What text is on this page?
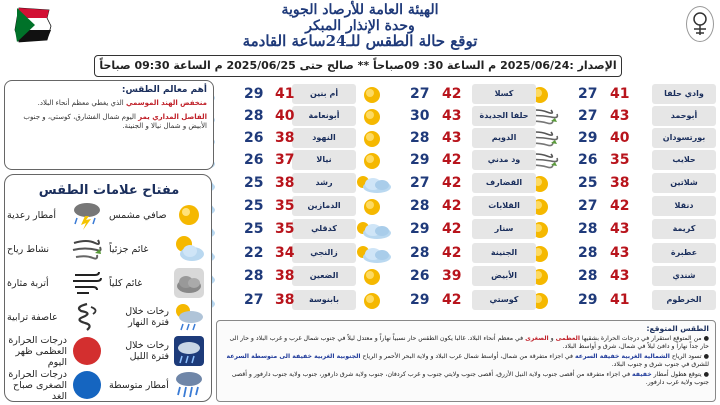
الهيئة العامة للأرصاد الجوية
وحدة الإنذار المبكر
توقع حالة الطقس للـ24ساعة القادمة
الإصدار :2025/06/24 م الساعة 30: 09صباحاً ** صالح حتى 2025/06/25 م الساعة 09:30 صباحاً
وادي حلفا
41
27
أبوحمد
43
27
بورتسودان
40
29
حلايب
35
26
شلاتين
38
25
دنقلا
42
27
كريمة
43
28
عطبرة
43
28
شندي
43
28
الخرطوم
41
29
كسلا
42
27
حلفا الجديدة
43
30
الدويم
43
28
ود مدني
42
29
القضارف
42
27
القلابات
42
28
سنار
42
29
الجنينة
42
28
الأبيض
39
26
كوستي
42
29
أم بنين
41
29
أبونعامة
40
28
النهود
38
26
نيالا
37
26
رشد
38
25
الدمازين
35
25
كدقلي
35
25
زالنجي
34
22
الضعين
38
28
بابنوسة
38
27
أهم معالم الطقس:
منخفض الهند الموسمي الذي يغطي معظم أنحاء البلاد.
الفاصل المداري يمر اليوم شمال الفشارق، كوستي، و جنوب الأبيض و شمال نيالا و الجنينة.
مفتاح علامات الطقس
صافي مشمس
أمطار رعدية
غائم جزئياً
نشاط رياح
غائم كلياً
أتربة مثارة
رخات خلال فترة النهار
عاصفة ترابية
رخات خلال فترة الليل
درجات الحرارة العظمى ظهر اليوم
أمطار متوسطة
درجات الحرارة الصغرى صباح الغد
الطقس المتوقع:
● من المتوقع استقرار في درجات الحرارة بشقيها العظمى و الصغرى في معظم أنحاء البلاد. غالبا يكون الطقس حار نسبياً نهاراً و معتدل ليلاً في جنوب شمال غرب و غرب البلاد و حار الى حار جداً نهاراً و دافئ ليلاً في شمال، شرق و أواسط البلاد.
● تسود الرياح الشمالية الغربية خفيفة السرعة في اجزاء متفرقة من شمال، أواسط شمال غرب البلاد و ولاية البحر الأحمر و الرياح الجنوبية الغربية خفيفة الى متوسطة السرعة للشرق في جنوب شرق و جنوب البلاد.
● يتوقع هطول أمطار خفيفة في اجزاء متفرقة من أقصى جنوب ولاية النيل الأزرق، أقصى جنوب ولايتي جنوب و غرب كردفان، جنوب ولاية شرق دارفور، جنوب ولاية جنوب دارفور و أقصى جنوب ولاية غرب دارفور.
